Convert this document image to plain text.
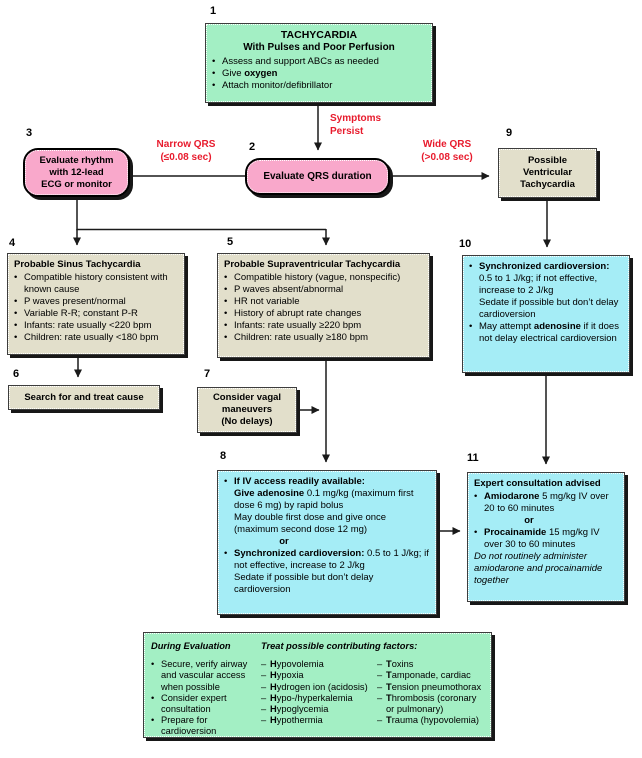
1
2
3
4	5
6	7
8
9
10
11
Symptoms
Persist
Narrow QRS
(≤0.08 sec)
Wide QRS
(>0.08 sec)
TACHYCARDIA
With Pulses and Poor Perfusion
• Assess and support ABCs as needed
• Give oxygen
• Attach monitor/defibrillator
Evaluate rhythm
with 12-lead
ECG or monitor
Evaluate QRS duration
Possible
Ventricular
Tachycardia
Probable Sinus Tachycardia
• Compatible history consistent with known cause
• P waves present/normal
• Variable R-R; constant P-R
• Infants: rate usually <220 bpm
• Children: rate usually <180 bpm
Probable Supraventricular Tachycardia
• Compatible history (vague, nonspecific)
• P waves absent/abnormal
• HR not variable
• History of abrupt rate changes
• Infants: rate usually ≥220 bpm
• Children: rate usually ≥180 bpm
• Synchronized cardioversion:
0.5 to 1 J/kg; if not effective, increase to 2 J/kg
Sedate if possible but don’t delay cardioversion
• May attempt adenosine if it does not delay electrical cardioversion
Search for and treat cause	Consider vagal
maneuvers
(No delays)
• If IV access readily available:
Give adenosine 0.1 mg/kg (maximum first dose 6 mg) by rapid bolus
May double first dose and give once (maximum second dose 12 mg)
or
• Synchronized cardioversion: 0.5 to 1 J/kg; if not effective, increase to 2 J/kg
Sedate if possible but don’t delay cardioversion
Expert consultation advised
• Amiodarone 5 mg/kg IV over 20 to 60 minutes
or
• Procainamide 15 mg/kg IV over 30 to 60 minutes
Do not routinely administer amiodarone and procainamide together
During Evaluation	Treat possible contributing factors:
• Secure, verify airway and vascular access when possible
• Consider expert consultation
• Prepare for cardioversion
– Hypovolemia
– Hypoxia
– Hydrogen ion (acidosis)
– Hypo-/hyperkalemia
– Hypoglycemia
– Hypothermia
– Toxins
– Tamponade, cardiac
– Tension pneumothorax
– Thrombosis (coronary or pulmonary)
– Trauma (hypovolemia)
